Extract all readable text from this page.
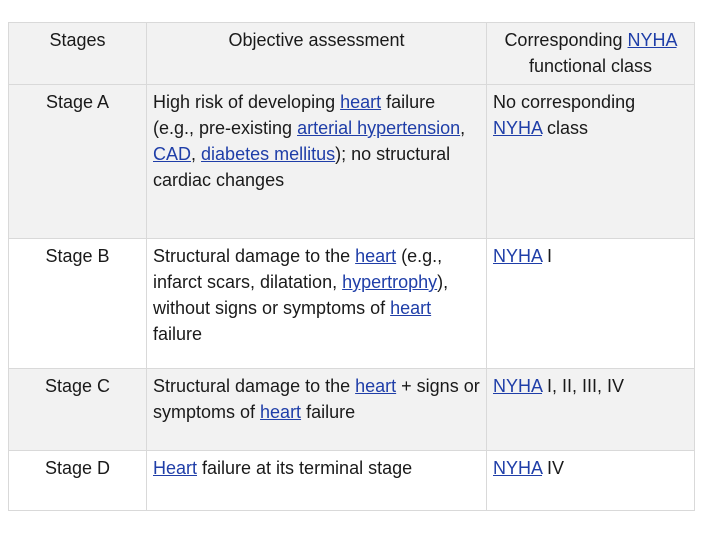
Stages	Objective assessment	Corresponding NYHA functional class
Stage A	High risk of developing heart failure (e.g., pre-existing arterial hypertension, CAD, diabetes mellitus); no structural cardiac changes	No corresponding NYHA class
Stage B	Structural damage to the heart (e.g., infarct scars, dilatation, hypertrophy), without signs or symptoms of heart failure	NYHA I
Stage C	Structural damage to the heart + signs or symptoms of heart failure	NYHA I, II, III, IV
Stage D	Heart failure at its terminal stage	NYHA IV
